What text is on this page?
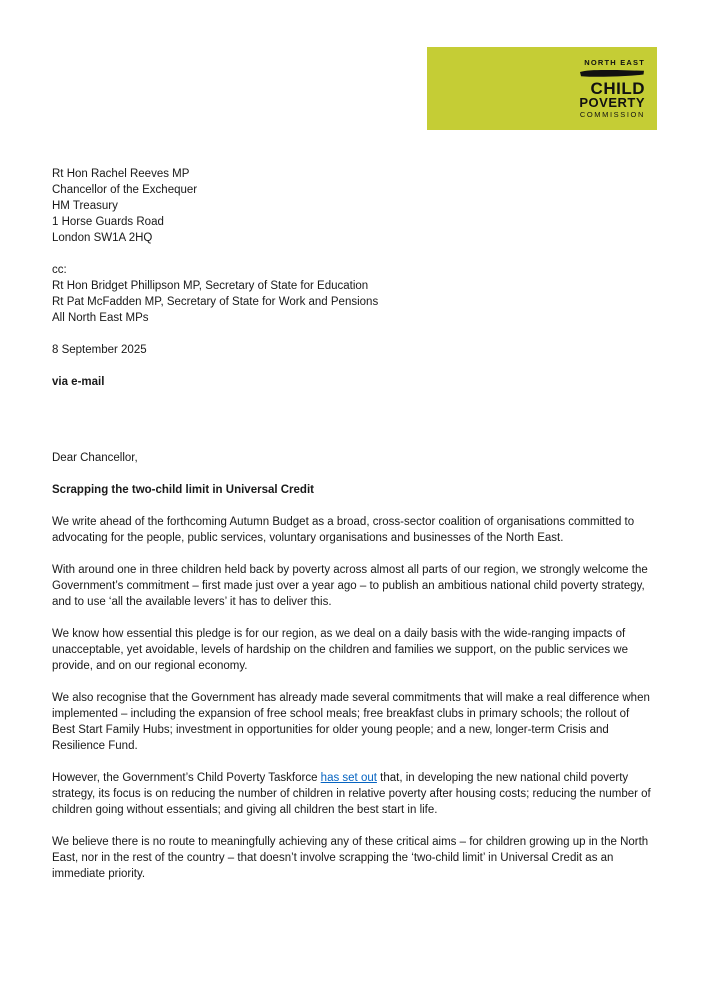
NORTH EAST
CHILD
POVERTY
COMMISSION
Rt Hon Rachel Reeves MP
Chancellor of the Exchequer
HM Treasury
1 Horse Guards Road
London SW1A 2HQ
cc:
Rt Hon Bridget Phillipson MP, Secretary of State for Education
Rt Pat McFadden MP, Secretary of State for Work and Pensions
All North East MPs
8 September 2025
via e-mail
Dear Chancellor,
Scrapping the two-child limit in Universal Credit

We write ahead of the forthcoming Autumn Budget as a broad, cross-sector coalition of organisations committed to advocating for the people, public services, voluntary organisations and businesses of the North East.

With around one in three children held back by poverty across almost all parts of our region, we strongly welcome the Government’s commitment – first made just over a year ago – to publish an ambitious national child poverty strategy, and to use ‘all the available levers’ it has to deliver this.

We know how essential this pledge is for our region, as we deal on a daily basis with the wide-ranging impacts of unacceptable, yet avoidable, levels of hardship on the children and families we support, on the public services we provide, and on our regional economy.

We also recognise that the Government has already made several commitments that will make a real difference when implemented – including the expansion of free school meals; free breakfast clubs in primary schools; the rollout of Best Start Family Hubs; investment in opportunities for older young people; and a new, longer-term Crisis and Resilience Fund.

However, the Government’s Child Poverty Taskforce has set out that, in developing the new national child poverty strategy, its focus is on reducing the number of children in relative poverty after housing costs; reducing the number of children going without essentials; and giving all children the best start in life.

We believe there is no route to meaningfully achieving any of these critical aims – for children growing up in the North East, nor in the rest of the country – that doesn’t involve scrapping the ‘two-child limit’ in Universal Credit as an immediate priority.
